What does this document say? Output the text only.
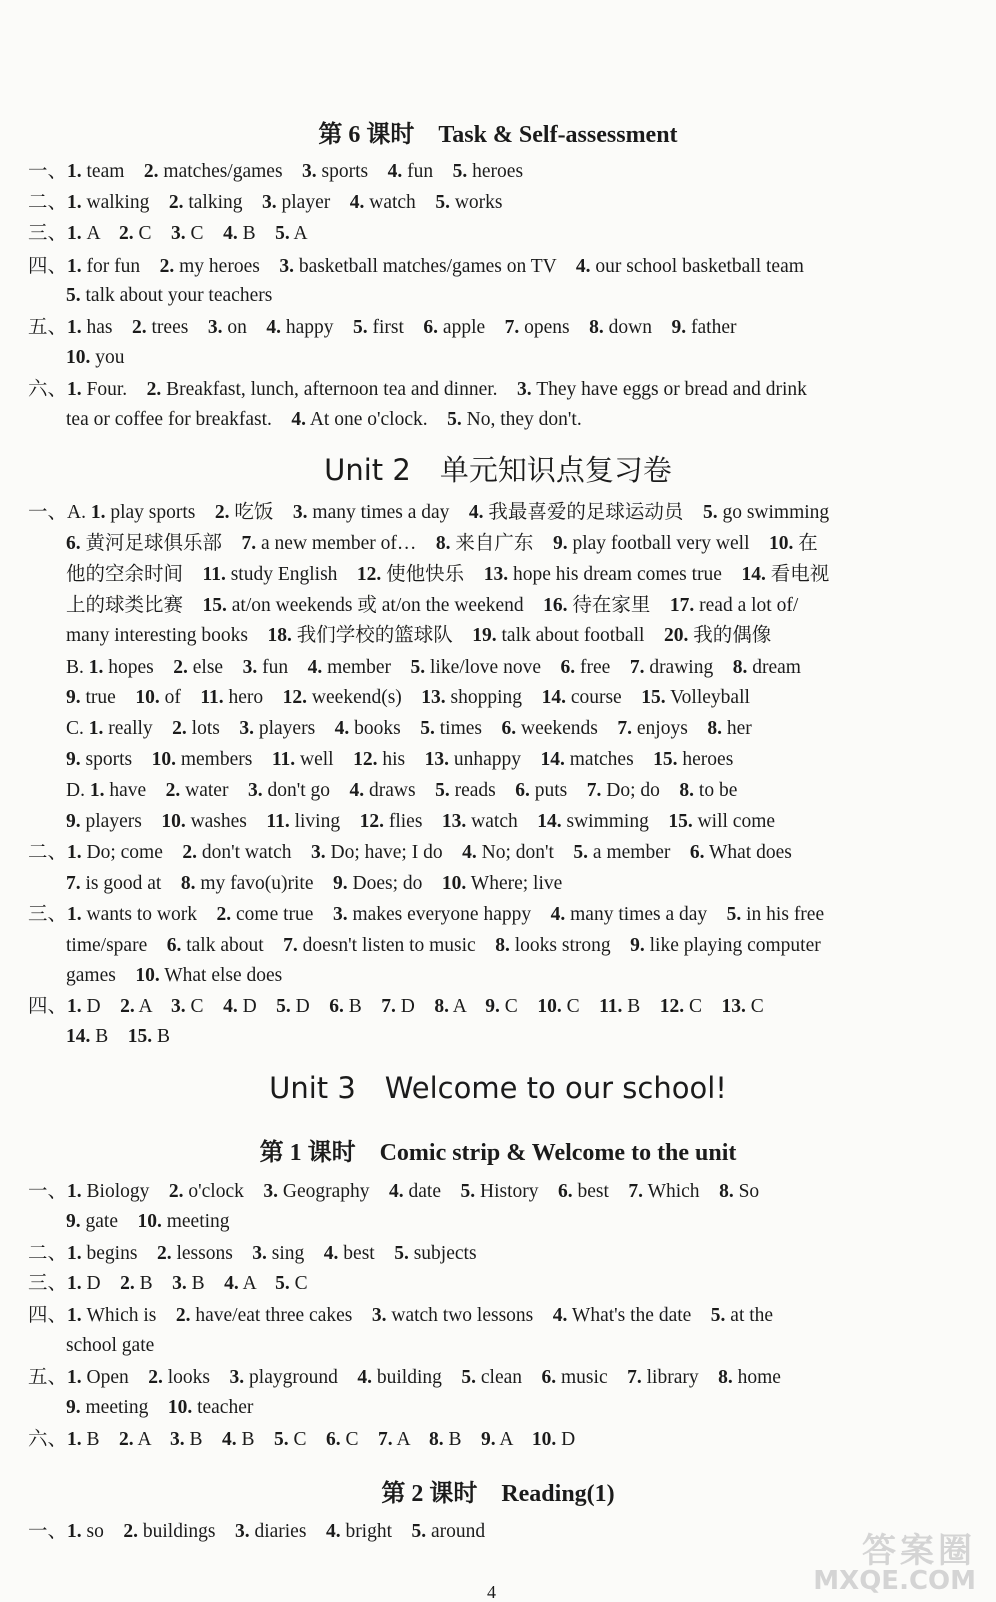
第 6 课时　Task & Self-assessment
Unit 2　单元知识点复习卷
Unit 3　Welcome to our school!
第 1 课时　Comic strip & Welcome to the unit
第 2 课时　Reading(1)
一、1. team　2. matches/games　3. sports　4. fun　5. heroes
二、1. walking　2. talking　3. player　4. watch　5. works
三、1. A　2. C　3. C　4. B　5. A
四、1. for fun　2. my heroes　3. basketball matches/games on TV　4. our school basketball team
5. talk about your teachers
五、1. has　2. trees　3. on　4. happy　5. first　6. apple　7. opens　8. down　9. father
10. you
六、1. Four.　2. Breakfast, lunch, afternoon tea and dinner.　3. They have eggs or bread and drink
tea or coffee for breakfast.　4. At one o'clock.　5. No, they don't.
一、A. 1. play sports　2. 吃饭　3. many times a day　4. 我最喜爱的足球运动员　5. go swimming
6. 黄河足球俱乐部　7. a new member of…　8. 来自广东　9. play football very well　10. 在
他的空余时间　11. study English　12. 使他快乐　13. hope his dream comes true　14. 看电视
上的球类比赛　15. at/on weekends 或 at/on the weekend　16. 待在家里　17. read a lot of/
many interesting books　18. 我们学校的篮球队　19. talk about football　20. 我的偶像
B. 1. hopes　2. else　3. fun　4. member　5. like/love nove　6. free　7. drawing　8. dream
9. true　10. of　11. hero　12. weekend(s)　13. shopping　14. course　15. Volleyball
C. 1. really　2. lots　3. players　4. books　5. times　6. weekends　7. enjoys　8. her
9. sports　10. members　11. well　12. his　13. unhappy　14. matches　15. heroes
D. 1. have　2. water　3. don't go　4. draws　5. reads　6. puts　7. Do; do　8. to be
9. players　10. washes　11. living　12. flies　13. watch　14. swimming　15. will come
二、1. Do; come　2. don't watch　3. Do; have; I do　4. No; don't　5. a member　6. What does
7. is good at　8. my favo(u)rite　9. Does; do　10. Where; live
三、1. wants to work　2. come true　3. makes everyone happy　4. many times a day　5. in his free
time/spare　6. talk about　7. doesn't listen to music　8. looks strong　9. like playing computer
games　10. What else does
四、1. D　2. A　3. C　4. D　5. D　6. B　7. D　8. A　9. C　10. C　11. B　12. C　13. C
14. B　15. B
一、1. Biology　2. o'clock　3. Geography　4. date　5. History　6. best　7. Which　8. So
9. gate　10. meeting
二、1. begins　2. lessons　3. sing　4. best　5. subjects
三、1. D　2. B　3. B　4. A　5. C
四、1. Which is　2. have/eat three cakes　3. watch two lessons　4. What's the date　5. at the
school gate
五、1. Open　2. looks　3. playground　4. building　5. clean　6. music　7. library　8. home
9. meeting　10. teacher
六、1. B　2. A　3. B　4. B　5. C　6. C　7. A　8. B　9. A　10. D
一、1. so　2. buildings　3. diaries　4. bright　5. around	答案圈
MXQE.COM
4
